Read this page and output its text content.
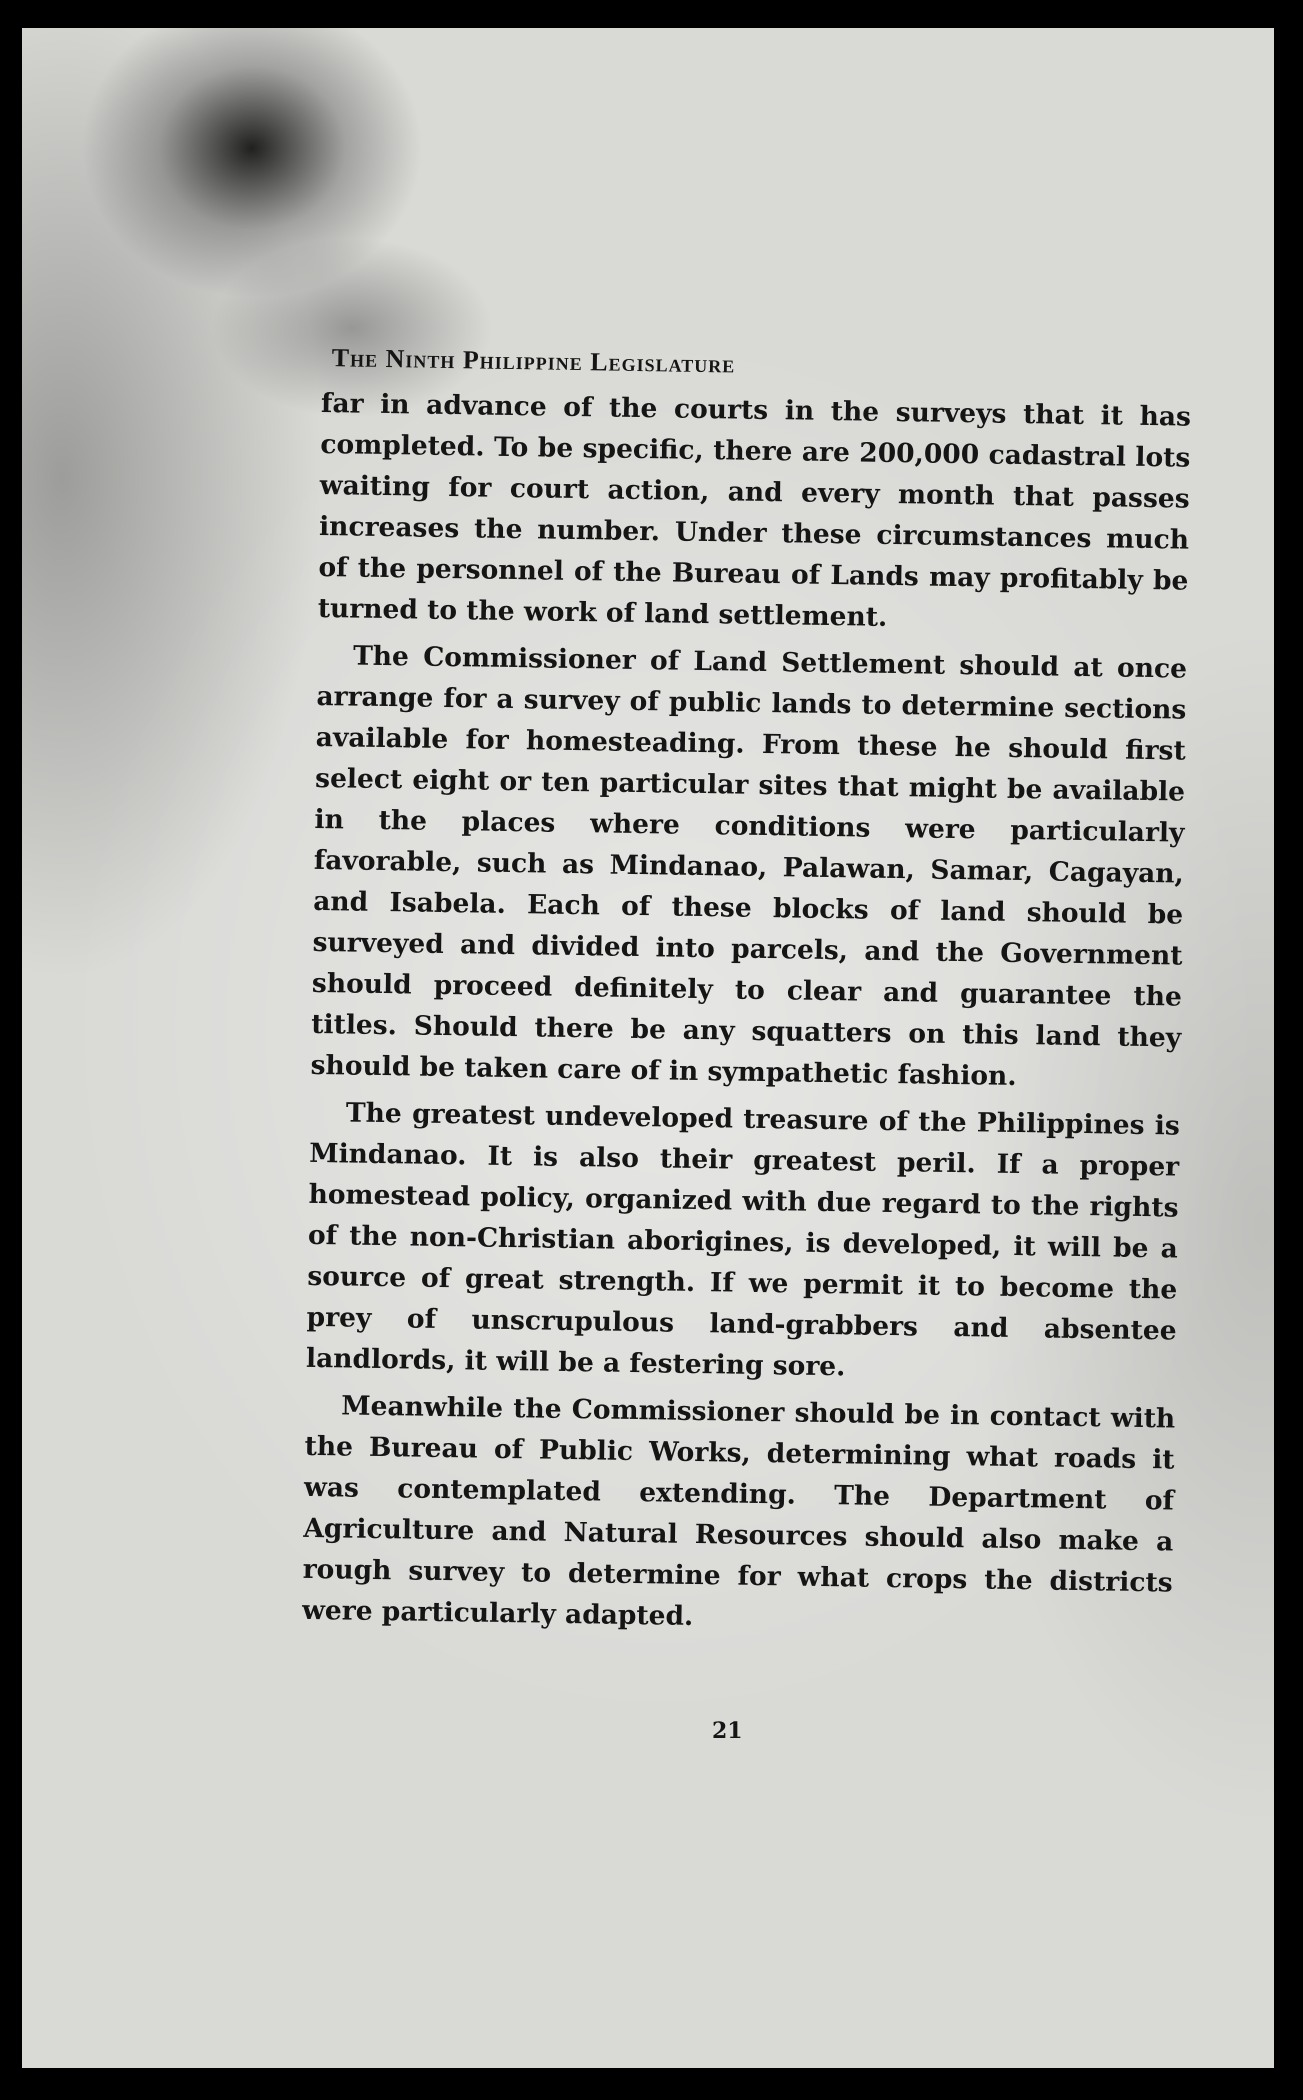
The Ninth Philippine Legislature

far in advance of the courts in the surveys that it has completed. To be specific, there are 200,000 cadastral lots waiting for court action, and every month that passes increases the number. Under these circumstances much of the personnel of the Bureau of Lands may profitably be turned to the work of land settlement.

The Commissioner of Land Settlement should at once arrange for a survey of public lands to determine sections available for homesteading. From these he should first select eight or ten particular sites that might be available in the places where conditions were particularly favorable, such as Mindanao, Palawan, Samar, Cagayan, and Isabela. Each of these blocks of land should be surveyed and divided into parcels, and the Government should proceed definitely to clear and guarantee the titles. Should there be any squatters on this land they should be taken care of in sympathetic fashion.

The greatest undeveloped treasure of the Philippines is Mindanao. It is also their greatest peril. If a proper homestead policy, organized with due regard to the rights of the non-Christian aborigines, is developed, it will be a source of great strength. If we permit it to become the prey of unscrupulous land-grabbers and absentee landlords, it will be a festering sore.

Meanwhile the Commissioner should be in contact with the Bureau of Public Works, determining what roads it was contemplated extending. The Department of Agriculture and Natural Resources should also make a rough survey to determine for what crops the districts were particularly adapted.

21
